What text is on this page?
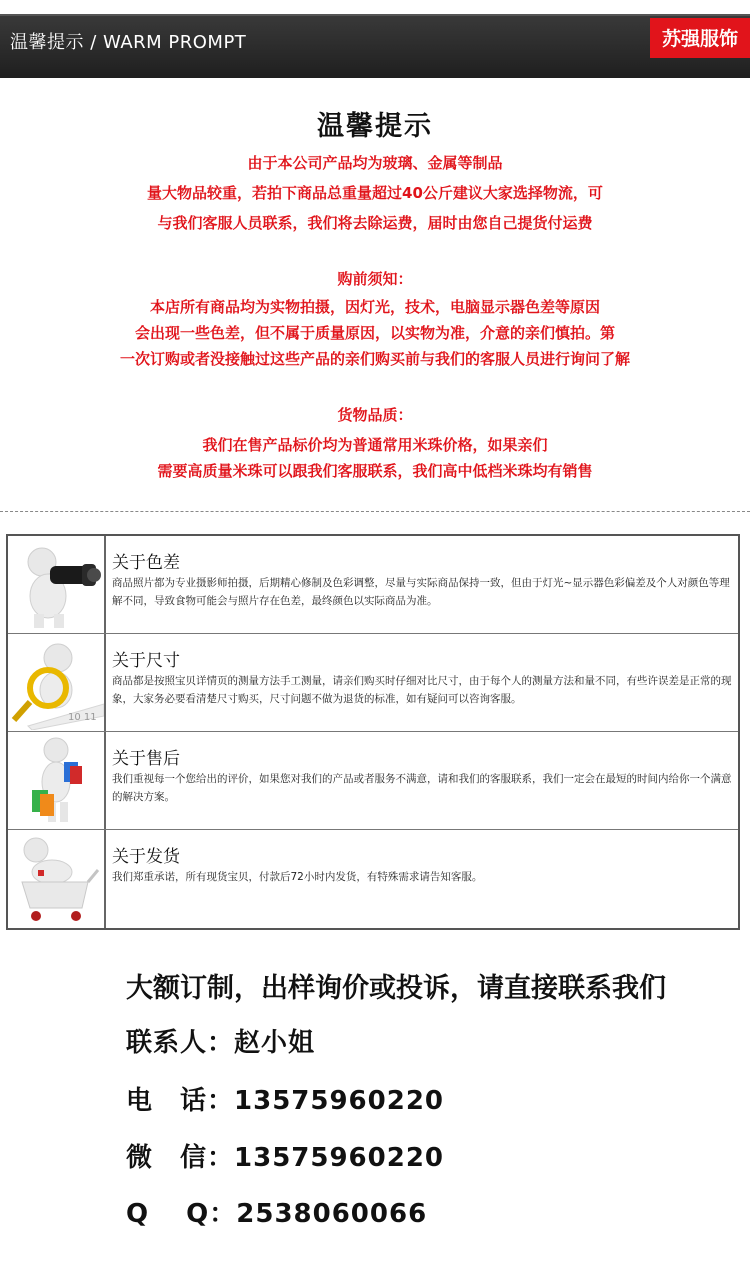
温馨提示 / WARM PROMPT	苏强服饰
温馨提示
由于本公司产品均为玻璃、金属等制品
量大物品较重，若拍下商品总重量超过40公斤建议大家选择物流，可
与我们客服人员联系，我们将去除运费，届时由您自己提货付运费
购前须知：
本店所有商品均为实物拍摄，因灯光，技术，电脑显示器色差等原因
会出现一些色差，但不属于质量原因，以实物为准，介意的亲们慎拍。第
一次订购或者没接触过这些产品的亲们购买前与我们的客服人员进行询问了解
货物品质：
我们在售产品标价均为普通常用米珠价格，如果亲们
需要高质量米珠可以跟我们客服联系，我们高中低档米珠均有销售
关于色差
商品照片都为专业摄影师拍摄，后期精心修制及色彩调整，尽量与实际商品保持一致，但由于灯光~显示器色彩偏差及个人对颜色等理解不同，导致食物可能会与照片存在色差，最终颜色以实际商品为准。
10 11
关于尺寸
商品都是按照宝贝详情页的测量方法手工测量，请亲们购买时仔细对比尺寸，由于每个人的测量方法和量不同，有些许误差是正常的现象，大家务必要看清楚尺寸购买，尺寸问题不做为退货的标准，如有疑问可以咨询客服。
关于售后
我们重视每一个您给出的评价，如果您对我们的产品或者服务不满意，请和我们的客服联系，我们一定会在最短的时间内给你一个满意的解决方案。
关于发货
我们郑重承诺，所有现货宝贝，付款后72小时内发货，有特殊需求请告知客服。
大额订制，出样询价或投诉，请直接联系我们
联系人：赵小姐
电　话：13575960220
微　信：13575960220
Q　 Q：2538060066
